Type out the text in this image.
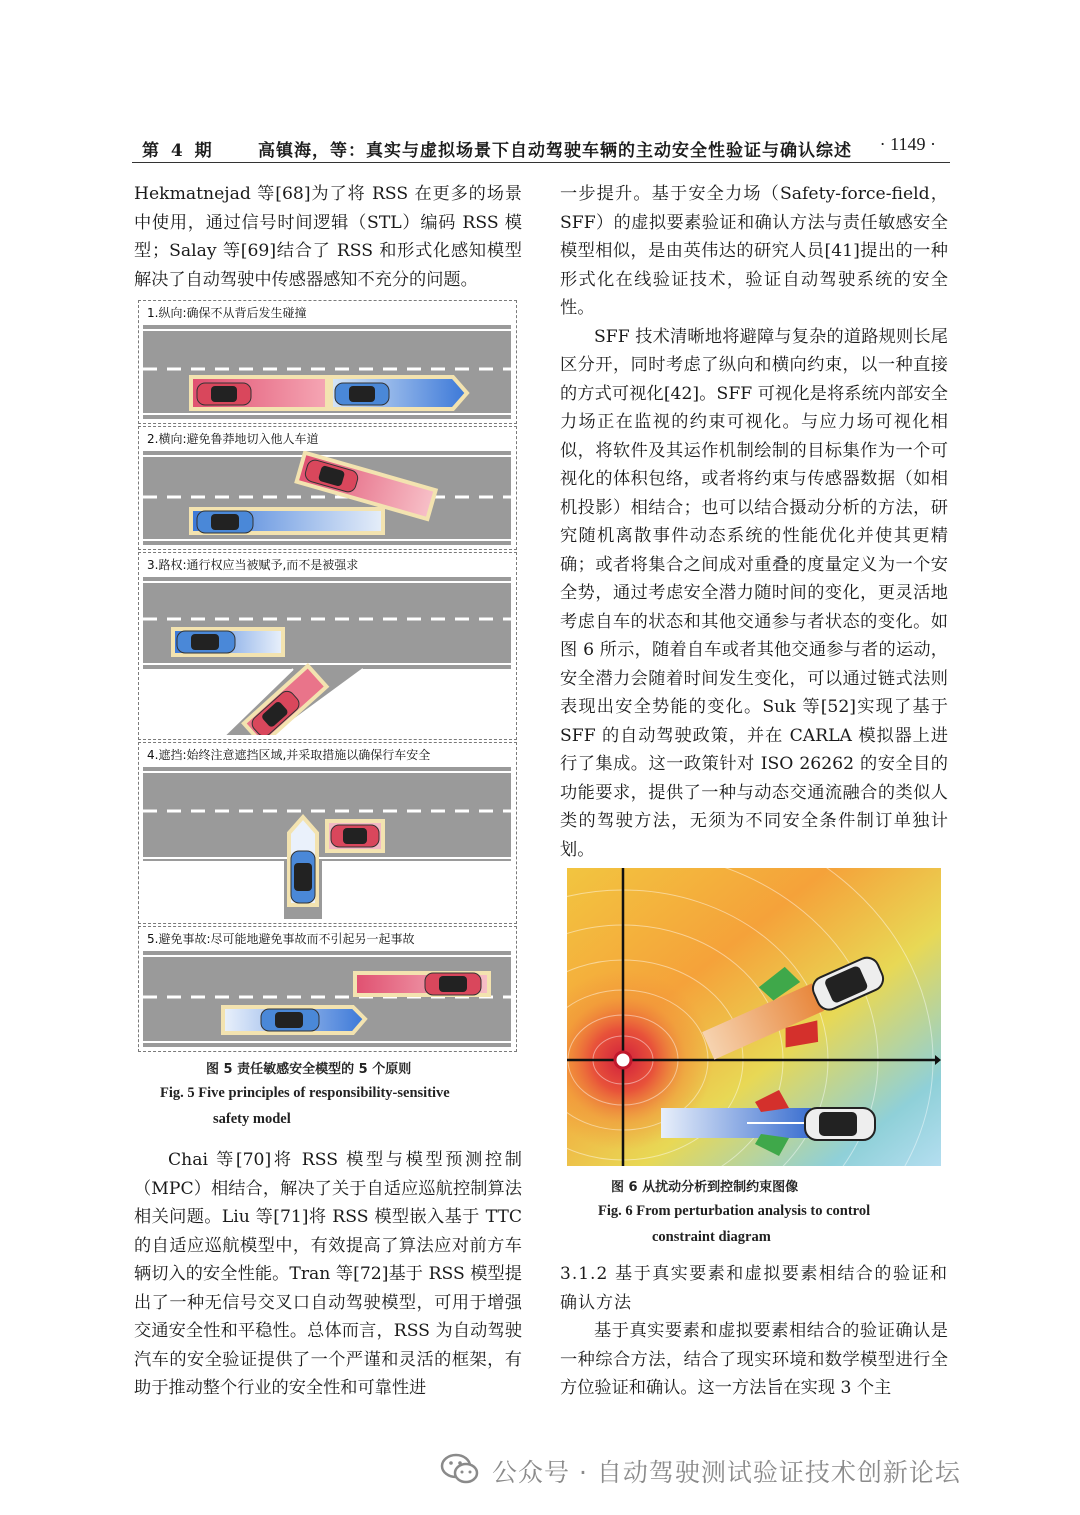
第 4 期	高镇海，等：真实与虚拟场景下自动驾驶车辆的主动安全性验证与确认综述 · 1149 ·

Hekmatnejad 等[68]为了将 RSS 在更多的场景中使用，通过信号时间逻辑（STL）编码 RSS 模型；Salay 等[69]结合了 RSS 和形式化感知模型解决了自动驾驶中传感器感知不充分的问题。

1.纵向:确保不从背后发生碰撞
2.横向:避免鲁莽地切入他人车道
3.路权:通行权应当被赋予,而不是被强求
4.遮挡:始终注意遮挡区域,并采取措施以确保行车安全
5.避免事故:尽可能地避免事故而不引起另一起事故
图 5 责任敏感安全模型的 5 个原则
Fig. 5 Five principles of responsibility-sensitive
safety model

Chai 等[70]将 RSS 模型与模型预测控制（MPC）相结合，解决了关于自适应巡航控制算法相关问题。Liu 等[71]将 RSS 模型嵌入基于 TTC 的自适应巡航模型中，有效提高了算法应对前方车辆切入的安全性能。Tran 等[72]基于 RSS 模型提出了一种无信号交叉口自动驾驶模型，可用于增强交通安全性和平稳性。总体而言，RSS 为自动驾驶汽车的安全验证提供了一个严谨和灵活的框架，有助于推动整个行业的安全性和可靠性进

一步提升。基于安全力场（Safety-force-field，SFF）的虚拟要素验证和确认方法与责任敏感安全模型相似，是由英伟达的研究人员[41]提出的一种形式化在线验证技术，验证自动驾驶系统的安全性。

SFF 技术清晰地将避障与复杂的道路规则长尾区分开，同时考虑了纵向和横向约束，以一种直接的方式可视化[42]。SFF 可视化是将系统内部安全力场正在监视的约束可视化。与应力场可视化相似，将软件及其运作机制绘制的目标集作为一个可视化的体积包络，或者将约束与传感器数据（如相机投影）相结合；也可以结合摄动分析的方法，研究随机离散事件动态系统的性能优化并使其更精确；或者将集合之间成对重叠的度量定义为一个安全势，通过考虑安全潜力随时间的变化，更灵活地考虑自车的状态和其他交通参与者状态的变化。如图 6 所示，随着自车或者其他交通参与者的运动，安全潜力会随着时间发生变化，可以通过链式法则表现出安全势能的变化。Suk 等[52]实现了基于 SFF 的自动驾驶政策，并在 CARLA 模拟器上进行了集成。这一政策针对 ISO 26262 的安全目的功能要求，提供了一种与动态交通流融合的类似人类的驾驶方法，无须为不同安全条件制订单独计划。

图 6 从扰动分析到控制约束图像
Fig. 6 From perturbation analysis to control
constraint diagram

3.1.2 基于真实要素和虚拟要素相结合的验证和确认方法

基于真实要素和虚拟要素相结合的验证确认是一种综合方法，结合了现实环境和数学模型进行全方位验证和确认。这一方法旨在实现 3 个主

公众号 · 自动驾驶测试验证技术创新论坛
